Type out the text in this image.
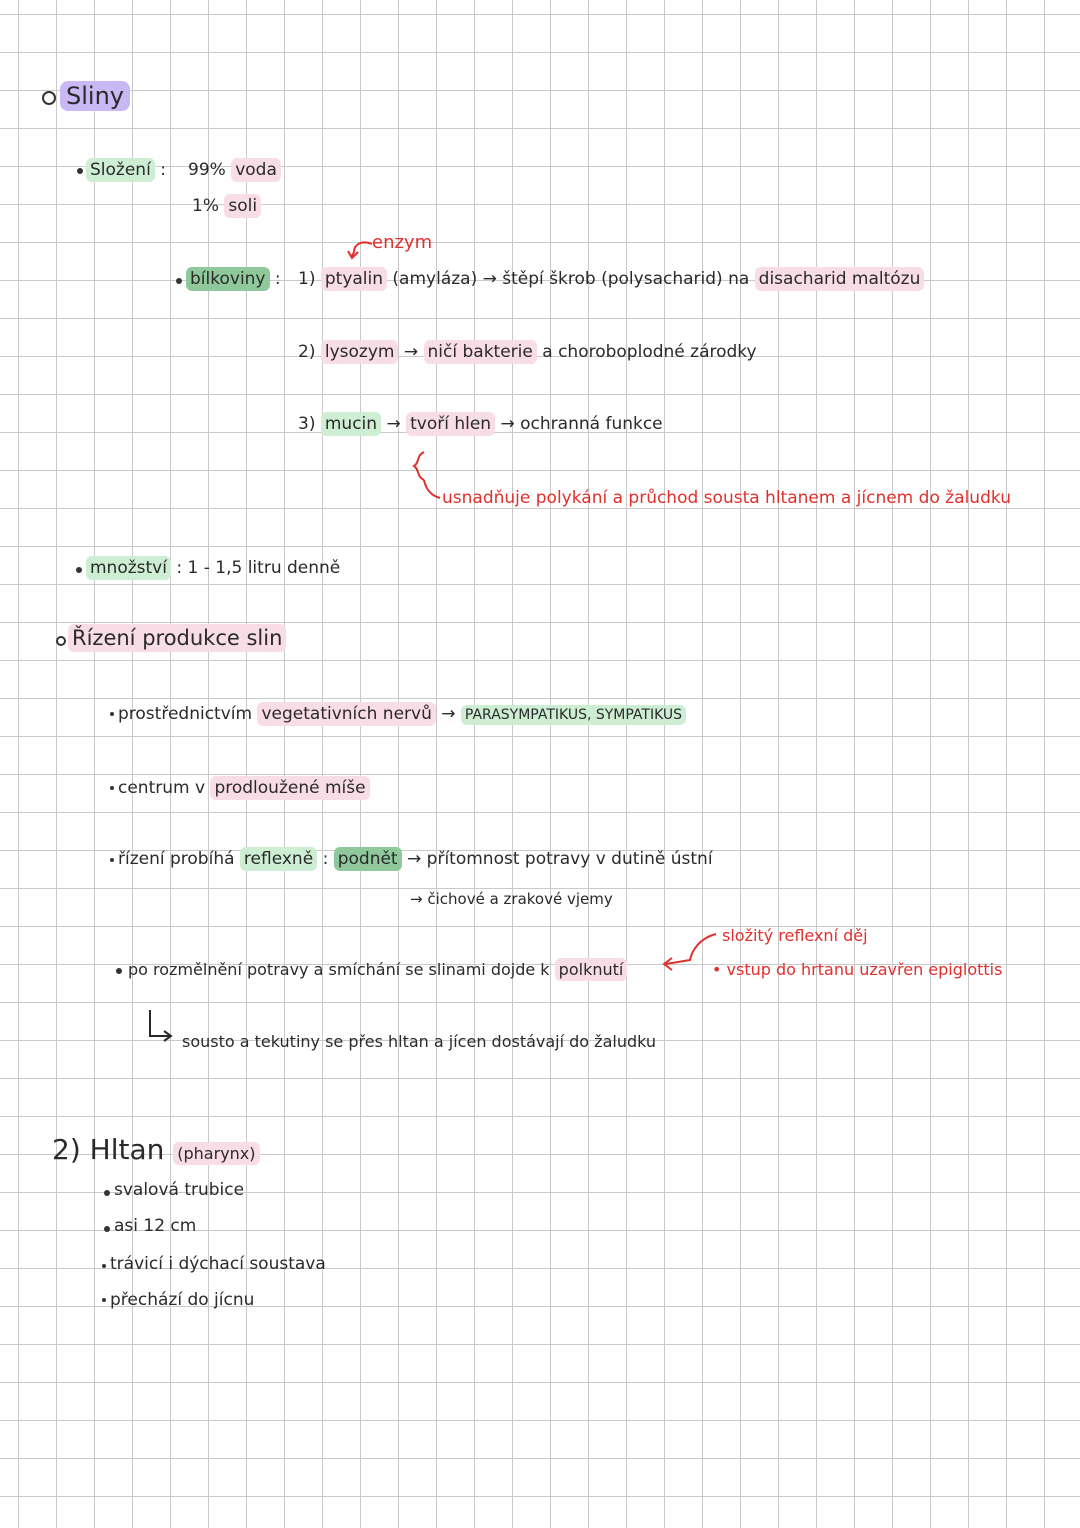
Sliny
Složení : 99% voda
1% soli
enzym
bílkoviny : 1) ptyalin (amyláza) → štěpí škrob (polysacharid) na disacharid maltózu
2) lysozym → ničí bakterie a choroboplodné zárodky
3) mucin → tvoří hlen → ochranná funkce
usnadňuje polykání a průchod sousta hltanem a jícnem do žaludku
množství : 1 - 1,5 litru denně
Řízení produkce slin
prostřednictvím vegetativních nervů → PARASYMPATIKUS, SYMPATIKUS
centrum v prodloužené míše
řízení probíhá reflexně : podnět → přítomnost potravy v dutině ústní
→ čichové a zrakové vjemy
složitý reflexní děj
• vstup do hrtanu uzavřen epiglottis
po rozmělnění potravy a smíchání se slinami dojde k polknutí
sousto a tekutiny se přes hltan a jícen dostávají do žaludku
2) Hltan (pharynx)
svalová trubice
asi 12 cm
trávicí i dýchací soustava
přechází do jícnu
